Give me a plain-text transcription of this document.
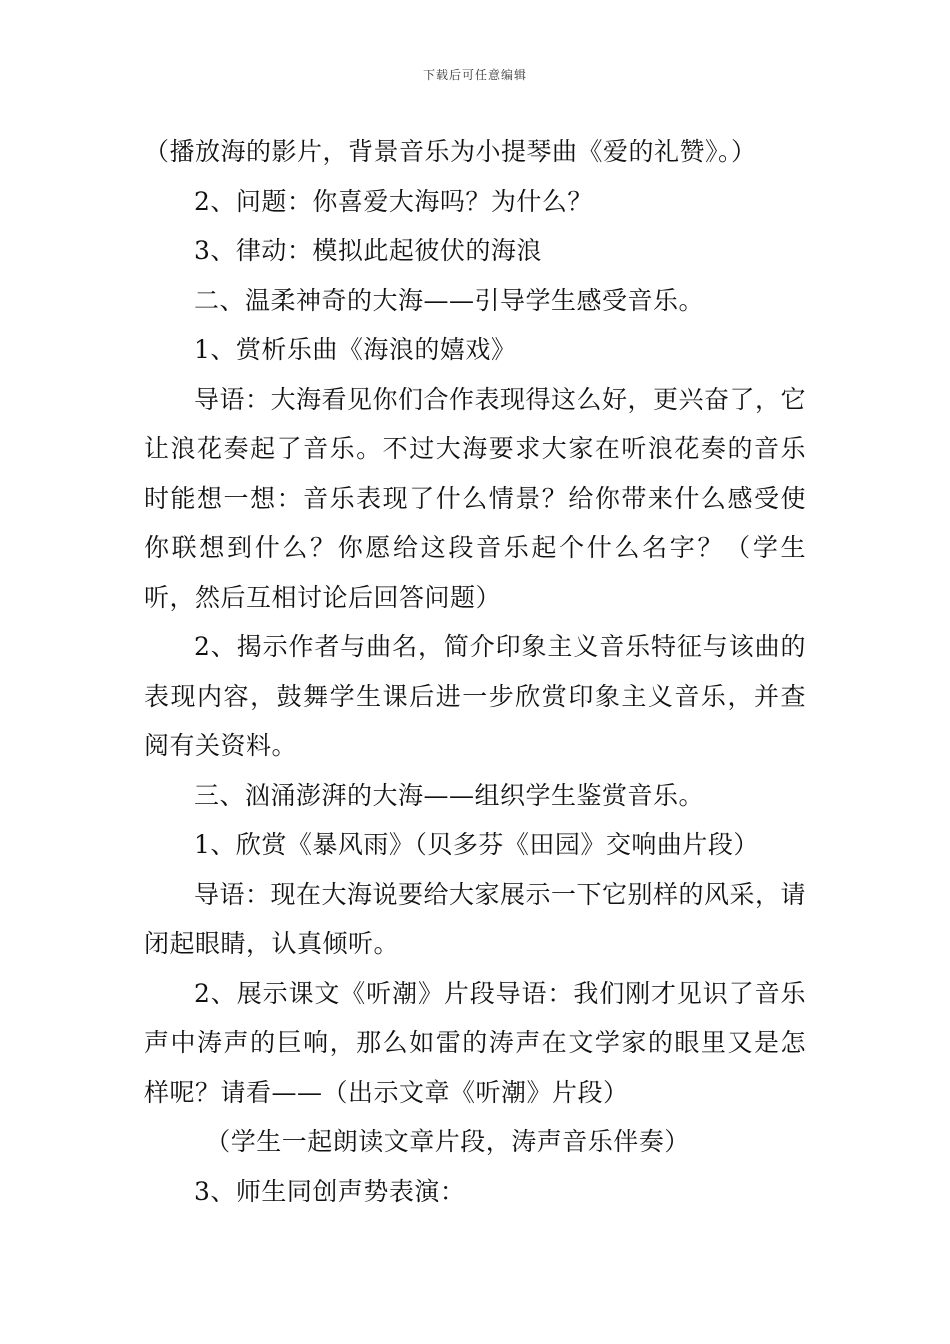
下载后可任意编辑

（播放海的影片，背景音乐为小提琴曲《爱的礼赞》。）

2、问题：你喜爱大海吗？为什么？

3、律动：模拟此起彼伏的海浪

二、温柔神奇的大海——引导学生感受音乐。

1、赏析乐曲《海浪的嬉戏》

导语：大海看见你们合作表现得这么好，更兴奋了，它让浪花奏起了音乐。不过大海要求大家在听浪花奏的音乐时能想一想：音乐表现了什么情景？给你带来什么感受使你联想到什么？你愿给这段音乐起个什么名字？（学生听，然后互相讨论后回答问题）

2、揭示作者与曲名，简介印象主义音乐特征与该曲的表现内容，鼓舞学生课后进一步欣赏印象主义音乐，并查阅有关资料。

三、汹涌澎湃的大海——组织学生鉴赏音乐。

1、欣赏《暴风雨》（贝多芬《田园》交响曲片段）

导语：现在大海说要给大家展示一下它别样的风采，请闭起眼睛，认真倾听。

2、展示课文《听潮》片段导语：我们刚才见识了音乐声中涛声的巨响，那么如雷的涛声在文学家的眼里又是怎样呢？请看——（出示文章《听潮》片段）

（学生一起朗读文章片段，涛声音乐伴奏）

3、师生同创声势表演：
